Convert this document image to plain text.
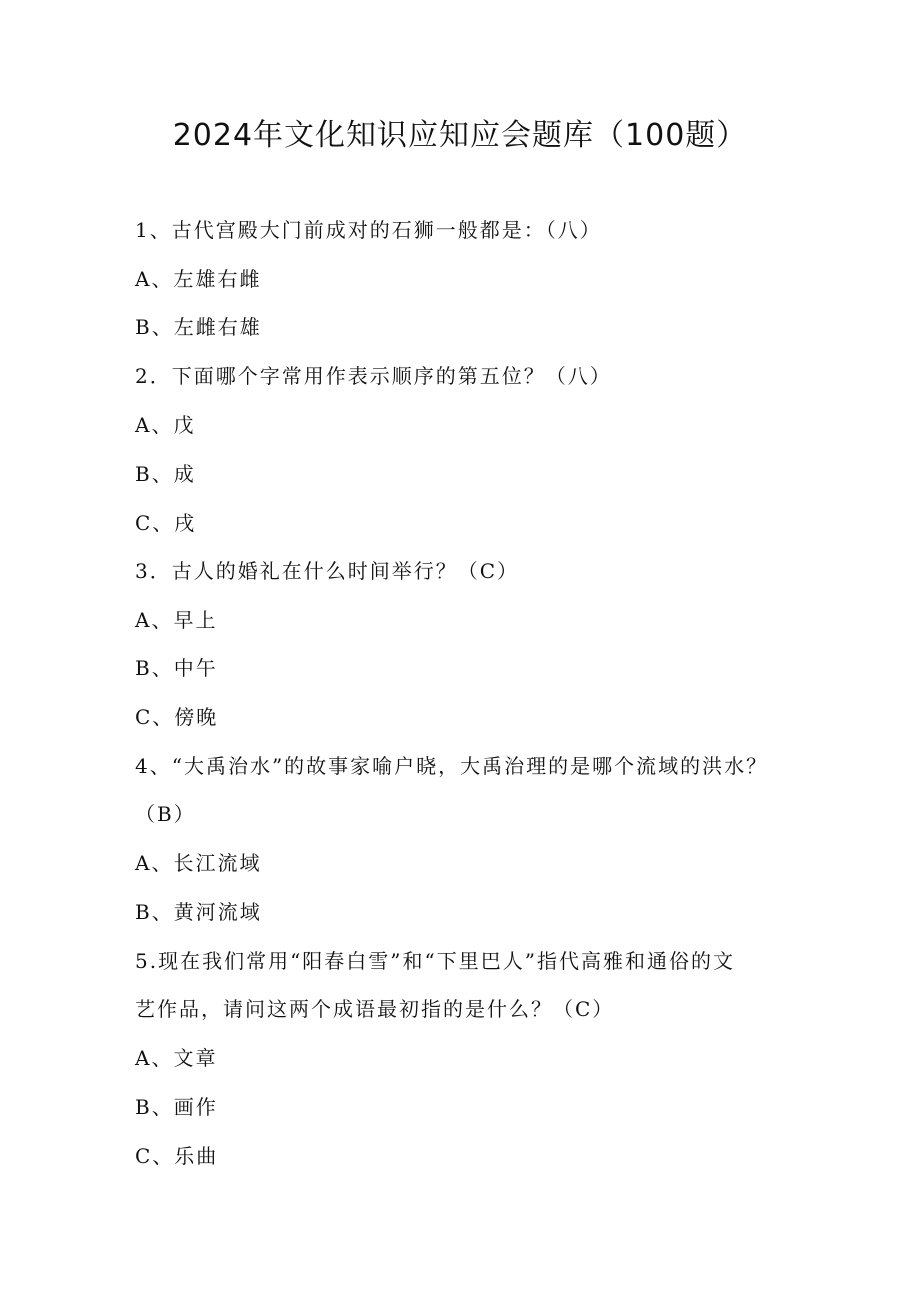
2024年文化知识应知应会题库（100题）
1、古代宫殿大门前成对的石狮一般都是：（八）
A、左雄右雌
B、左雌右雄
2．下面哪个字常用作表示顺序的第五位？（八）
A、戊
B、成
C、戌
3．古人的婚礼在什么时间举行？（C）
A、早上
B、中午
C、傍晚
4、“大禹治水”的故事家喻户晓，大禹治理的是哪个流域的洪水？
（B）
A、长江流域
B、黄河流域
5.现在我们常用“阳春白雪”和“下里巴人”指代高雅和通俗的文
艺作品，请问这两个成语最初指的是什么？（C）
A、文章
B、画作
C、乐曲
